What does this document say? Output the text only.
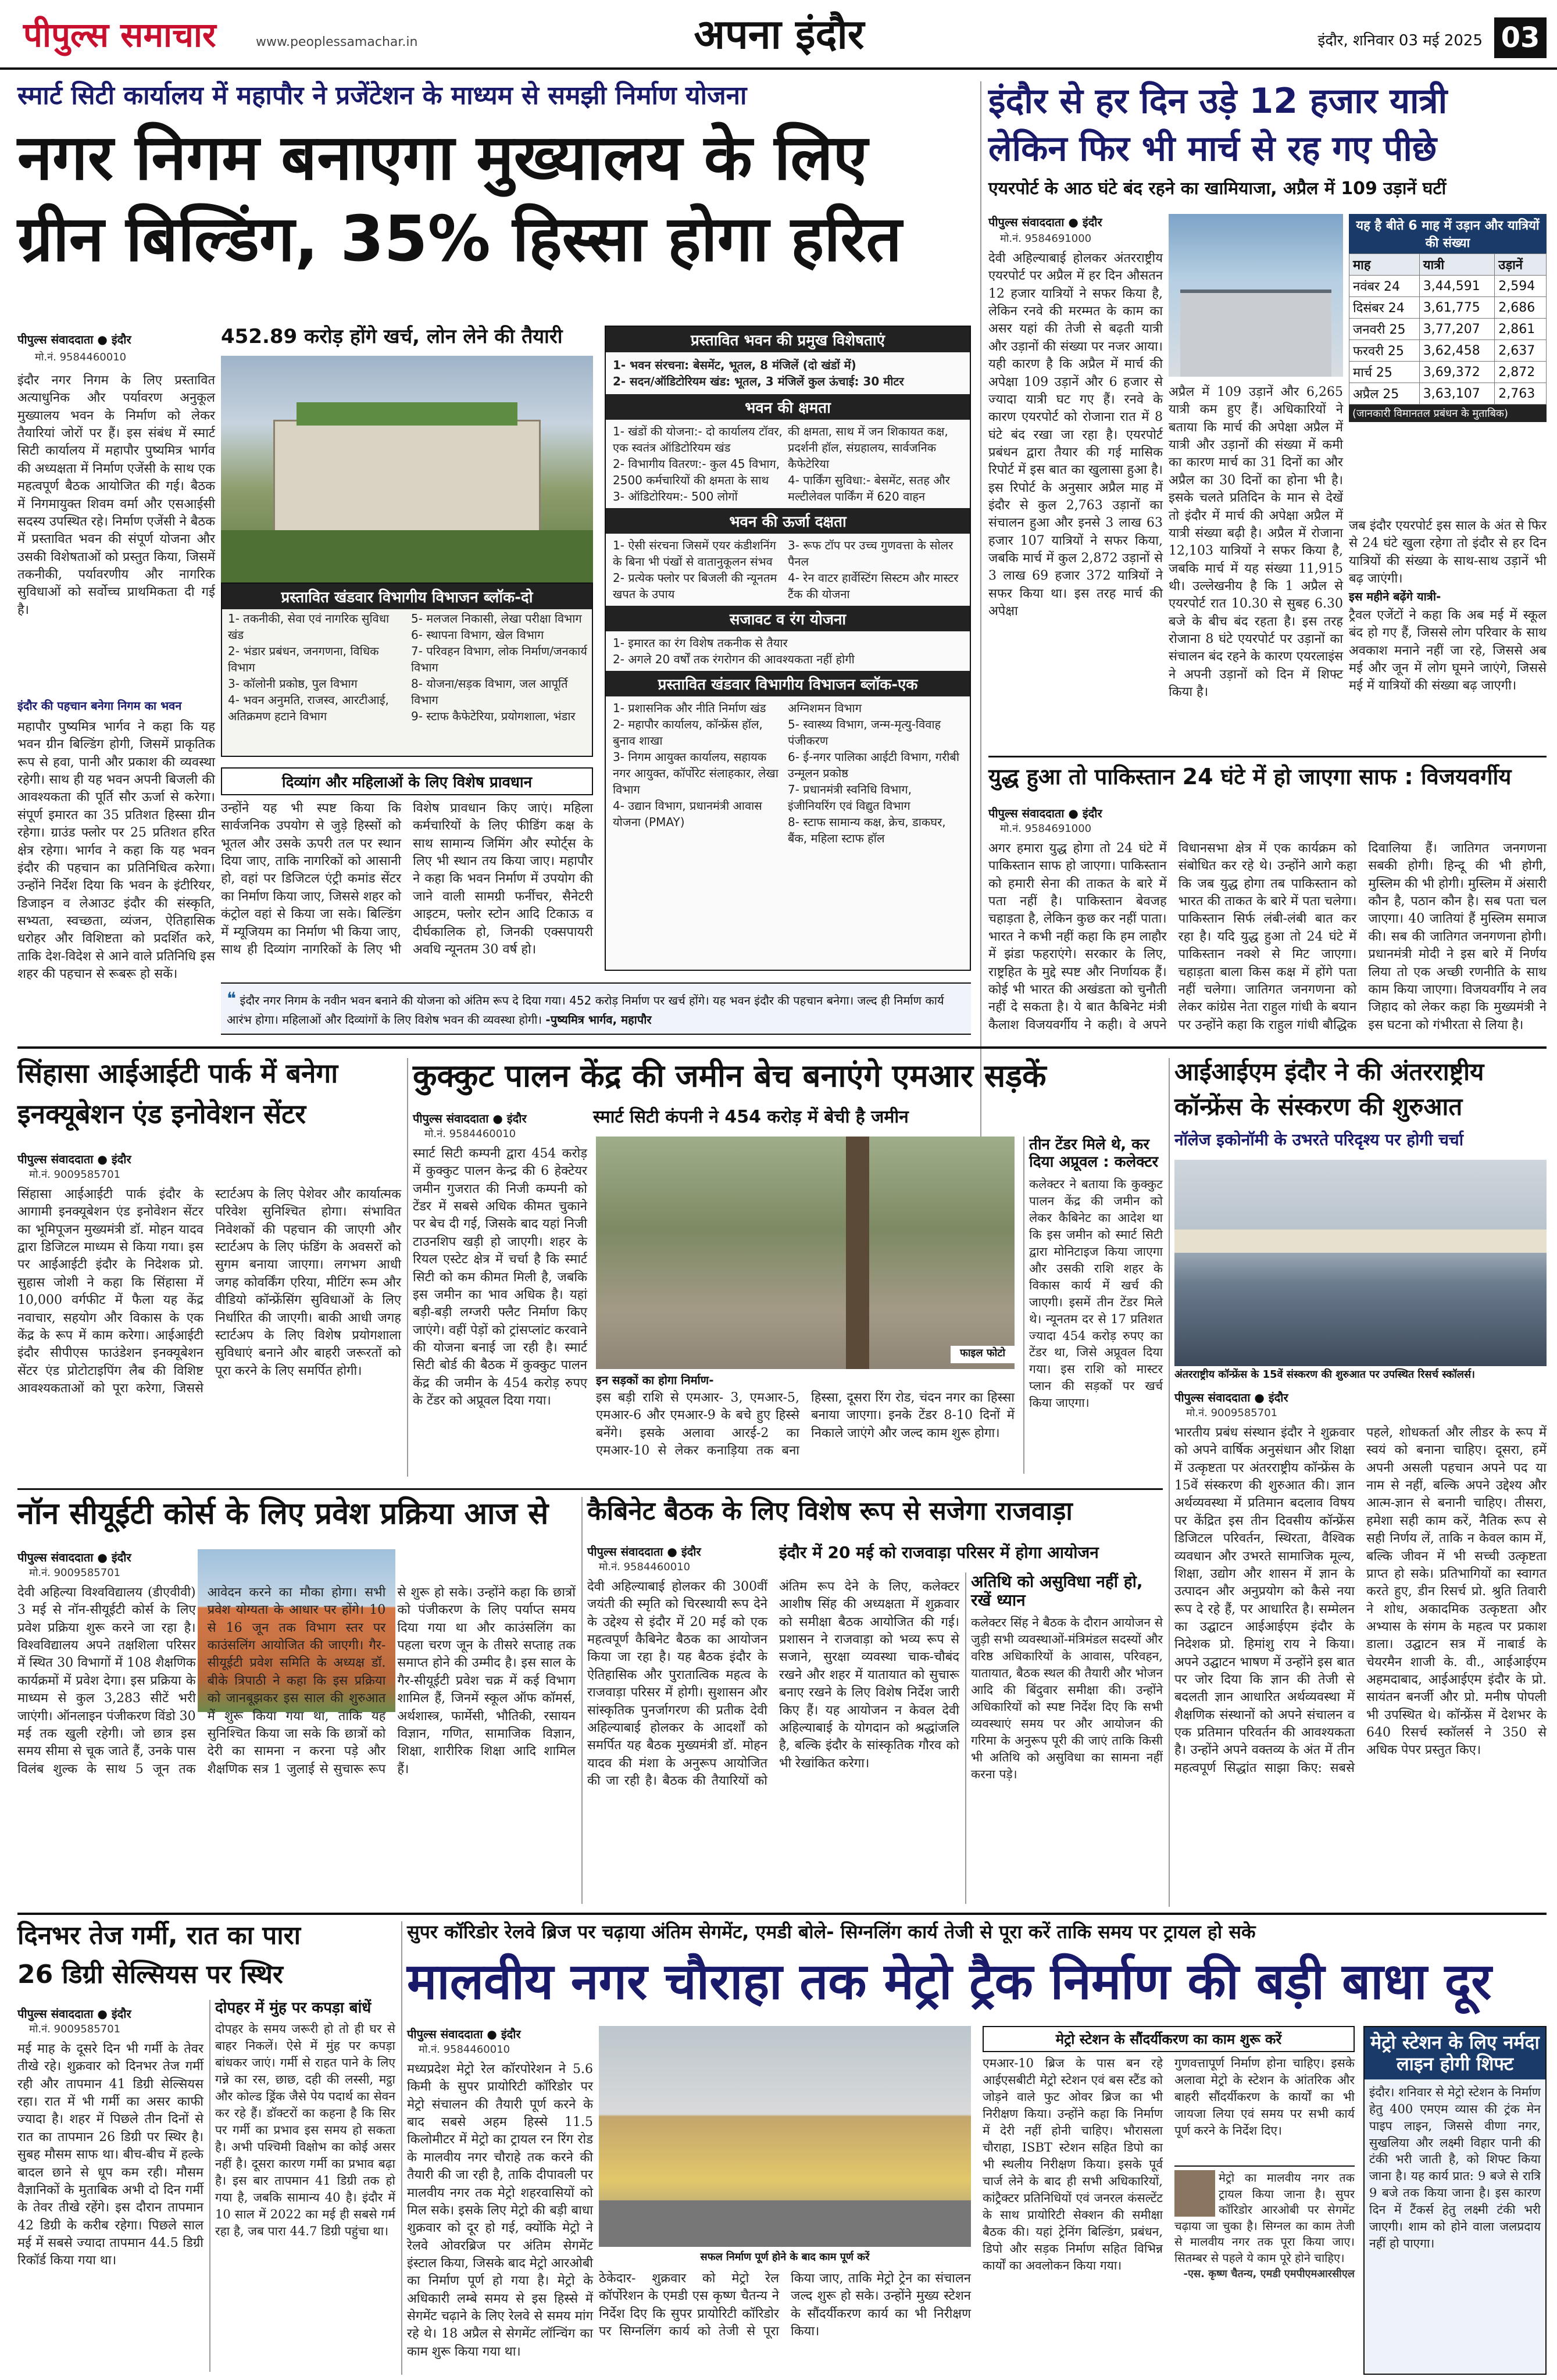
पीपुल्स समाचार	www.peoplessamachar.in	अपना इंदौर	इंदौर, शनिवार 03 मई 2025 03
स्मार्ट सिटी कार्यालय में महापौर ने प्रजेंटेशन के माध्यम से समझी निर्माण योजना
नगर निगम बनाएगा मुख्यालय के लिए
ग्रीन बिल्डिंग, 35% हिस्सा होगा हरित
पीपुल्स संवाददाता ● इंदौर
मो.नं. 9584460010
इंदौर नगर निगम के लिए प्रस्तावित अत्याधुनिक और पर्यावरण अनुकूल मुख्यालय भवन के निर्माण को लेकर तैयारियां जोरों पर हैं। इस संबंध में स्मार्ट सिटी कार्यालय में महापौर पुष्यमित्र भार्गव की अध्यक्षता में निर्माण एजेंसी के साथ एक महत्वपूर्ण बैठक आयोजित की गई। बैठक में निगमायुक्त शिवम वर्मा और एसआईसी सदस्य उपस्थित रहे। निर्माण एजेंसी ने बैठक में प्रस्तावित भवन की संपूर्ण योजना और उसकी विशेषताओं को प्रस्तुत किया, जिसमें तकनीकी, पर्यावरणीय और नागरिक सुविधाओं को सर्वोच्च प्राथमिकता दी गई है।
इंदौर की पहचान बनेगा निगम का भवन
महापौर पुष्यमित्र भार्गव ने कहा कि यह भवन ग्रीन बिल्डिंग होगी, जिसमें प्राकृतिक रूप से हवा, पानी और प्रकाश की व्यवस्था रहेगी। साथ ही यह भवन अपनी बिजली की आवश्यकता की पूर्ति सौर ऊर्जा से करेगा। संपूर्ण इमारत का 35 प्रतिशत हिस्सा ग्रीन रहेगा। ग्राउंड फ्लोर पर 25 प्रतिशत हरित क्षेत्र रहेगा। भार्गव ने कहा कि यह भवन इंदौर की पहचान का प्रतिनिधित्व करेगा। उन्होंने निर्देश दिया कि भवन के इंटीरियर, डिजाइन व लेआउट इंदौर की संस्कृति, सभ्यता, स्वच्छता, व्यंजन, ऐतिहासिक धरोहर और विशिष्टता को प्रदर्शित करे, ताकि देश-विदेश से आने वाले प्रतिनिधि इस शहर की पहचान से रूबरू हो सकें।
452.89 करोड़ होंगे खर्च, लोन लेने की तैयारी
प्रस्तावित खंडवार विभागीय विभाजन ब्लॉक-दो
1- तकनीकी, सेवा एवं नागरिक सुविधा खंड
2- भंडार प्रबंधन, जनगणना, विधिक विभाग
3- कॉलोनी प्रकोष्ठ, पुल विभाग
4- भवन अनुमति, राजस्व, आरटीआई, अतिक्रमण हटाने विभाग
5- मलजल निकासी, लेखा परीक्षा विभाग
6- स्थापना विभाग, खेल विभाग
7- परिवहन विभाग, लोक निर्माण/जनकार्य विभाग
8- योजना/सड़क विभाग, जल आपूर्ति विभाग
9- स्टाफ कैफेटेरिया, प्रयोगशाला, भंडार
दिव्यांग और महिलाओं के लिए विशेष प्रावधान
उन्होंने यह भी स्पष्ट किया कि सार्वजनिक उपयोग से जुड़े हिस्सों को भूतल और उसके ऊपरी तल पर स्थान दिया जाए, ताकि नागरिकों को आसानी हो, वहां पर डिजिटल एंट्री कमांड सेंटर का निर्माण किया जाए, जिससे शहर को कंट्रोल वहां से किया जा सके। बिल्डिंग में म्यूजियम का निर्माण भी किया जाए, साथ ही दिव्यांग नागरिकों के लिए भी विशेष प्रावधान किए जाएं। महिला कर्मचारियों के लिए फीडिंग कक्ष के साथ सामान्य जिमिंग और स्पोर्ट्स के लिए भी स्थान तय किया जाए। महापौर ने कहा कि भवन निर्माण में उपयोग की जाने वाली सामग्री फर्नीचर, सैनेटरी आइटम, फ्लोर स्टोन आदि टिकाऊ व दीर्घकालिक हो, जिनकी एक्सपायरी अवधि न्यूनतम 30 वर्ष हो।
प्रस्तावित भवन की प्रमुख विशेषताएं
1- भवन संरचना: बेसमेंट, भूतल, 8 मंजिलें (दो खंडों में)
2- सदन/ऑडिटोरियम खंड: भूतल, 3 मंजिलें कुल ऊंचाई: 30 मीटर
भवन की क्षमता
1- खंडों की योजना:- दो कार्यालय टॉवर, एक स्वतंत्र ऑडिटोरियम खंड
2- विभागीय वितरण:- कुल 45 विभाग, 2500 कर्मचारियों की क्षमता के साथ
3- ऑडिटोरियम:- 500 लोगों
की क्षमता, साथ में जन शिकायत कक्ष, प्रदर्शनी हॉल, संग्रहालय, सार्वजनिक कैफेटेरिया
4- पार्किंग सुविधा:- बेसमेंट, सतह और मल्टीलेवल पार्किंग में 620 वाहन
भवन की ऊर्जा दक्षता
1- ऐसी संरचना जिसमें एयर कंडीशनिंग के बिना भी पंखों से वातानुकूलन संभव
2- प्रत्येक फ्लोर पर बिजली की न्यूनतम खपत के उपाय
3- रूफ टॉप पर उच्च गुणवत्ता के सोलर पैनल
4- रेन वाटर हार्वेस्टिंग सिस्टम और मास्टर टैंक की योजना
सजावट व रंग योजना
1- इमारत का रंग विशेष तकनीक से तैयार
2- अगले 20 वर्षों तक रंगरोगन की आवश्यकता नहीं होगी
प्रस्तावित खंडवार विभागीय विभाजन ब्लॉक-एक
1- प्रशासनिक और नीति निर्माण खंड
2- महापौर कार्यालय, कॉन्फ्रेंस हॉल, बुनाव शाखा
3- निगम आयुक्त कार्यालय, सहायक नगर आयुक्त, कॉर्पोरेट संलाहकार, लेखा विभाग
4- उद्यान विभाग, प्रधानमंत्री आवास योजना (PMAY)
अग्निशमन विभाग
5- स्वास्थ्य विभाग, जन्म-मृत्यु-विवाह पंजीकरण
6- ई-नगर पालिका आईटी विभाग, गरीबी उन्मूलन प्रकोष्ठ
7- प्रधानमंत्री स्वनिधि विभाग, इंजीनियरिंग एवं विद्युत विभाग
8- स्टाफ सामान्य कक्ष, क्रेच, डाकघर, बैंक, महिला स्टाफ हॉल
❝ इंदौर नगर निगम के नवीन भवन बनाने की योजना को अंतिम रूप दे दिया गया। 452 करोड़ निर्माण पर खर्च होंगे। यह भवन इंदौर की पहचान बनेगा। जल्द ही निर्माण कार्य आरंभ होगा। महिलाओं और दिव्यांगों के लिए विशेष भवन की व्यवस्था होगी। -पुष्यमित्र भार्गव, महापौर
इंदौर से हर दिन उड़े 12 हजार यात्री
लेकिन फिर भी मार्च से रह गए पीछे
एयरपोर्ट के आठ घंटे बंद रहने का खामियाजा, अप्रैल में 109 उड़ानें घटीं
पीपुल्स संवाददाता ● इंदौर
मो.नं. 9584691000
देवी अहिल्याबाई होलकर अंतरराष्ट्रीय एयरपोर्ट पर अप्रैल में हर दिन औसतन 12 हजार यात्रियों ने सफर किया है, लेकिन रनवे की मरम्मत के काम का असर यहां की तेजी से बढ़ती यात्री और उड़ानों की संख्या पर नजर आया। यही कारण है कि अप्रैल में मार्च की अपेक्षा 109 उड़ानें और 6 हजार से ज्यादा यात्री घट गए हैं। रनवे के कारण एयरपोर्ट को रोजाना रात में 8 घंटे बंद रखा जा रहा है। एयरपोर्ट प्रबंधन द्वारा तैयार की गई मासिक रिपोर्ट में इस बात का खुलासा हुआ है। इस रिपोर्ट के अनुसार अप्रैल माह में इंदौर से कुल 2,763 उड़ानों का संचालन हुआ और इनसे 3 लाख 63 हजार 107 यात्रियों ने सफर किया, जबकि मार्च में कुल 2,872 उड़ानों से 3 लाख 69 हजार 372 यात्रियों ने सफर किया था। इस तरह मार्च की अपेक्षा
अप्रैल में 109 उड़ानें और 6,265 यात्री कम हुए हैं। अधिकारियों ने बताया कि मार्च की अपेक्षा अप्रैल में यात्री और उड़ानों की संख्या में कमी का कारण मार्च का 31 दिनों का और अप्रैल का 30 दिनों का होना भी है। इसके चलते प्रतिदिन के मान से देखें तो इंदौर में मार्च की अपेक्षा अप्रैल में यात्री संख्या बढ़ी है। अप्रैल में रोजाना 12,103 यात्रियों ने सफर किया है, जबकि मार्च में यह संख्या 11,915 थी। उल्लेखनीय है कि 1 अप्रैल से एयरपोर्ट रात 10.30 से सुबह 6.30 बजे के बीच बंद रहता है। इस तरह रोजाना 8 घंटे एयरपोर्ट पर उड़ानों का संचालन बंद रहने के कारण एयरलाइंस ने अपनी उड़ानों को दिन में शिफ्ट किया है।
यह है बीते 6 माह में उड़ान और यात्रियों की संख्या
माह	यात्री	उड़ानें
नवंबर 24	3,44,591	2,594
दिसंबर 24	3,61,775	2,686
जनवरी 25	3,77,207	2,861
फरवरी 25	3,62,458	2,637
मार्च 25	3,69,372	2,872
अप्रैल 25	3,63,107	2,763
(जानकारी विमानतल प्रबंधन के मुताबिक)
जब इंदौर एयरपोर्ट इस साल के अंत से फिर से 24 घंटे खुला रहेगा तो इंदौर से हर दिन यात्रियों की संख्या के साथ-साथ उड़ानें भी बढ़ जाएंगी।
इस महीने बढ़ेंगे यात्री-
ट्रैवल एजेंटों ने कहा कि अब मई में स्कूल बंद हो गए हैं, जिससे लोग परिवार के साथ अवकाश मनाने नहीं जा रहे, जिससे अब मई और जून में लोग घूमने जाएंगे, जिससे मई में यात्रियों की संख्या बढ़ जाएगी।
युद्ध हुआ तो पाकिस्तान 24 घंटे में हो जाएगा साफ : विजयवर्गीय
पीपुल्स संवाददाता ● इंदौर
मो.नं. 9584691000
अगर हमारा युद्ध होगा तो 24 घंटे में पाकिस्तान साफ हो जाएगा। पाकिस्तान को हमारी सेना की ताकत के बारे में पता नहीं है। पाकिस्तान बेवजह चहाड़ता है, लेकिन कुछ कर नहीं पाता। भारत ने कभी नहीं कहा कि हम लाहौर में झंडा फहराएंगे। सरकार के लिए, राष्ट्रहित के मुद्दे स्पष्ट और निर्णायक हैं। कोई भी भारत की अखंडता को चुनौती नहीं दे सकता है। ये बात कैबिनेट मंत्री कैलाश विजयवर्गीय ने कही। वे अपने विधानसभा क्षेत्र में एक कार्यक्रम को संबोधित कर रहे थे। उन्होंने आगे कहा कि जब युद्ध होगा तब पाकिस्तान को भारत की ताकत के बारे में पता चलेगा। पाकिस्तान सिर्फ लंबी-लंबी बात कर रहा है। यदि युद्ध हुआ तो 24 घंटे में पाकिस्तान नक्शे से मिट जाएगा। चहाड़ता बाला किस कक्ष में होंगे पता नहीं चलेगा। जातिगत जनगणना को लेकर कांग्रेस नेता राहुल गांधी के बयान पर उन्होंने कहा कि राहुल गांधी बौद्धिक दिवालिया हैं। जातिगत जनगणना सबकी होगी। हिन्दू की भी होगी, मुस्लिम की भी होगी। मुस्लिम में अंसारी कौन है, पठान कौन है। सब पता चल जाएगा। 40 जातियां हैं मुस्लिम समाज की। सब की जातिगत जनगणना होगी। प्रधानमंत्री मोदी ने इस बारे में निर्णय लिया तो एक अच्छी रणनीति के साथ काम किया जाएगा। विजयवर्गीय ने लव जिहाद को लेकर कहा कि मुख्यमंत्री ने इस घटना को गंभीरता से लिया है।
सिंहासा आईआईटी पार्क में बनेगा
इनक्यूबेशन एंड इनोवेशन सेंटर
पीपुल्स संवाददाता ● इंदौर
मो.नं. 9009585701
सिंहासा आईआईटी पार्क इंदौर के आगामी इनक्यूबेशन एंड इनोवेशन सेंटर का भूमिपूजन मुख्यमंत्री डॉ. मोहन यादव द्वारा डिजिटल माध्यम से किया गया। इस पर आईआईटी इंदौर के निदेशक प्रो. सुहास जोशी ने कहा कि सिंहासा में 10,000 वर्गफीट में फैला यह केंद्र नवाचार, सहयोग और विकास के एक केंद्र के रूप में काम करेगा। आईआईटी इंदौर सीपीएस फाउंडेशन इनक्यूबेशन सेंटर एंड प्रोटोटाइपिंग लैब की विशिष्ट आवश्यकताओं को पूरा करेगा, जिससे स्टार्टअप के लिए पेशेवर और कार्यात्मक परिवेश सुनिश्चित होगा। संभावित निवेशकों की पहचान की जाएगी और स्टार्टअप के लिए फंडिंग के अवसरों को सुगम बनाया जाएगा। लगभग आधी जगह कोवर्किंग एरिया, मीटिंग रूम और वीडियो कॉन्फ्रेंसिंग सुविधाओं के लिए निर्धारित की जाएगी। बाकी आधी जगह स्टार्टअप के लिए विशेष प्रयोगशाला सुविधाएं बनाने और बाहरी जरूरतों को पूरा करने के लिए समर्पित होगी।
कुक्कुट पालन केंद्र की जमीन बेच बनाएंगे एमआर सड़कें
पीपुल्स संवाददाता ● इंदौर
मो.नं. 9584460010
स्मार्ट सिटी कंपनी ने 454 करोड़ में बेची है जमीन
स्मार्ट सिटी कम्पनी द्वारा 454 करोड़ में कुक्कुट पालन केन्द्र की 6 हेक्टेयर जमीन गुजरात की निजी कम्पनी को टेंडर में सबसे अधिक कीमत चुकाने पर बेच दी गई, जिसके बाद यहां निजी टाउनशिप खड़ी हो जाएगी। शहर के रियल एस्टेट क्षेत्र में चर्चा है कि स्मार्ट सिटी को कम कीमत मिली है, जबकि इस जमीन का भाव अधिक है। यहां बड़ी-बड़ी लग्जरी फ्लैट निर्माण किए जाएंगे। वहीं पेड़ों को ट्रांसप्लांट करवाने की योजना बनाई जा रही है। स्मार्ट सिटी बोर्ड की बैठक में कुक्कुट पालन केंद्र की जमीन के 454 करोड़ रुपए के टेंडर को अप्रूवल दिया गया।
फाइल फोटो
इन सड़कों का होगा निर्माण-
इस बड़ी राशि से एमआर- 3, एमआर-5, एमआर-6 और एमआर-9 के बचे हुए हिस्से बनेंगे। इसके अलावा आरई-2 का एमआर-10 से लेकर कनाड़िया तक बना हिस्सा, दूसरा रिंग रोड, चंदन नगर का हिस्सा बनाया जाएगा। इनके टेंडर 8-10 दिनों में निकाले जाएंगे और जल्द काम शुरू होगा।
तीन टेंडर मिले थे, कर दिया अप्रूवल : कलेक्टर
कलेक्टर ने बताया कि कुक्कुट पालन केंद्र की जमीन को लेकर कैबिनेट का आदेश था कि इस जमीन को स्मार्ट सिटी द्वारा मोनिटाइज किया जाएगा और उसकी राशि शहर के विकास कार्य में खर्च की जाएगी। इसमें तीन टेंडर मिले थे। न्यूनतम दर से 17 प्रतिशत ज्यादा 454 करोड़ रुपए का टेंडर था, जिसे अप्रूवल दिया गया। इस राशि को मास्टर प्लान की सड़कों पर खर्च किया जाएगा।
आईआईएम इंदौर ने की अंतरराष्ट्रीय
कॉन्फ्रेंस के संस्करण की शुरुआत
नॉलेज इकोनॉमी के उभरते परिदृश्य पर होगी चर्चा
अंतरराष्ट्रीय कॉन्फ्रेंस के 15वें संस्करण की शुरुआत पर उपस्थित रिसर्च स्कॉलर्स।
पीपुल्स संवाददाता ● इंदौर
मो.नं. 9009585701
भारतीय प्रबंध संस्थान इंदौर ने शुक्रवार को अपने वार्षिक अनुसंधान और शिक्षा में उत्कृष्टता पर अंतरराष्ट्रीय कॉन्फ्रेंस के 15वें संस्करण की शुरुआत की। ज्ञान अर्थव्यवस्था में प्रतिमान बदलाव विषय पर केंद्रित इस तीन दिवसीय कॉन्फ्रेंस डिजिटल परिवर्तन, स्थिरता, वैश्विक व्यवधान और उभरते सामाजिक मूल्य, शिक्षा, उद्योग और शासन में ज्ञान के उत्पादन और अनुप्रयोग को कैसे नया रूप दे रहे हैं, पर आधारित है। सम्मेलन का उद्घाटन आईआईएम इंदौर के निदेशक प्रो. हिमांशु राय ने किया। अपने उद्घाटन भाषण में उन्होंने इस बात पर जोर दिया कि ज्ञान की तेजी से बदलती ज्ञान आधारित अर्थव्यवस्था में शैक्षणिक संस्थानों को अपने संचालन व एक प्रतिमान परिवर्तन की आवश्यकता है। उन्होंने अपने वक्तव्य के अंत में तीन महत्वपूर्ण सिद्धांत साझा किए: सबसे पहले, शोधकर्ता और लीडर के रूप में स्वयं को बनाना चाहिए। दूसरा, हमें अपनी असली पहचान अपने पद या नाम से नहीं, बल्कि अपने उद्देश्य और आत्म-ज्ञान से बनानी चाहिए। तीसरा, हमेशा सही काम करें, नैतिक रूप से सही निर्णय लें, ताकि न केवल काम में, बल्कि जीवन में भी सच्ची उत्कृष्टता प्राप्त हो सके। प्रतिभागियों का स्वागत करते हुए, डीन रिसर्च प्रो. श्रुति तिवारी ने शोध, अकादमिक उत्कृष्टता और अभ्यास के संगम के महत्व पर प्रकाश डाला। उद्घाटन सत्र में नाबार्ड के चेयरमैन शाजी के. वी., आईआईएम अहमदाबाद, आईआईएम इंदौर के प्रो. सायंतन बनर्जी और प्रो. मनीष पोपली भी उपस्थित थे। कॉन्फ्रेंस में देशभर के 640 रिसर्च स्कॉलर्स ने 350 से अधिक पेपर प्रस्तुत किए।
नॉन सीयूईटी कोर्स के लिए प्रवेश प्रक्रिया आज से
पीपुल्स संवाददाता ● इंदौर
मो.नं. 9009585701
देवी अहिल्या विश्वविद्यालय (डीएवीवी) 3 मई से नॉन-सीयूईटी कोर्स के लिए प्रवेश प्रक्रिया शुरू करने जा रहा है। विश्वविद्यालय अपने तक्षशिला परिसर में स्थित 30 विभागों में 108 शैक्षणिक कार्यक्रमों में प्रवेश देगा। इस प्रक्रिया के माध्यम से कुल 3,283 सीटें भरी जाएंगी। ऑनलाइन पंजीकरण विंडो 30 मई तक खुली रहेगी। जो छात्र इस समय सीमा से चूक जाते हैं, उनके पास विलंब शुल्क के साथ 5 जून तक आवेदन करने का मौका होगा। सभी प्रवेश योग्यता के आधार पर होंगे। 10 से 16 जून तक विभाग स्तर पर काउंसलिंग आयोजित की जाएगी। गैर-सीयूईटी प्रवेश समिति के अध्यक्ष डॉ. बीके त्रिपाठी ने कहा कि इस प्रक्रिया को जानबूझकर इस साल की शुरुआत में शुरू किया गया था, ताकि यह सुनिश्चित किया जा सके कि छात्रों को देरी का सामना न करना पड़े और शैक्षणिक सत्र 1 जुलाई से सुचारू रूप से शुरू हो सके। उन्होंने कहा कि छात्रों को पंजीकरण के लिए पर्याप्त समय दिया गया था और काउंसलिंग का पहला चरण जून के तीसरे सप्ताह तक समाप्त होने की उम्मीद है। इस साल के गैर-सीयूईटी प्रवेश चक्र में कई विभाग शामिल हैं, जिनमें स्कूल ऑफ कॉमर्स, अर्थशास्त्र, फार्मेसी, भौतिकी, रसायन विज्ञान, गणित, सामाजिक विज्ञान, शिक्षा, शारीरिक शिक्षा आदि शामिल हैं।
कैबिनेट बैठक के लिए विशेष रूप से सजेगा राजवाड़ा
पीपुल्स संवाददाता ● इंदौर
मो.नं. 9584460010
इंदौर में 20 मई को राजवाड़ा परिसर में होगा आयोजन
देवी अहिल्याबाई होलकर की 300वीं जयंती की स्मृति को चिरस्थायी रूप देने के उद्देश्य से इंदौर में 20 मई को एक महत्वपूर्ण कैबिनेट बैठक का आयोजन किया जा रहा है। यह बैठक इंदौर के ऐतिहासिक और पुरातात्विक महत्व के राजवाड़ा परिसर में होगी। सुशासन और सांस्कृतिक पुनर्जागरण की प्रतीक देवी अहिल्याबाई होलकर के आदर्शों को समर्पित यह बैठक मुख्यमंत्री डॉ. मोहन यादव की मंशा के अनुरूप आयोजित की जा रही है। बैठक की तैयारियों को अंतिम रूप देने के लिए, कलेक्टर आशीष सिंह की अध्यक्षता में शुक्रवार को समीक्षा बैठक आयोजित की गई। प्रशासन ने राजवाड़ा को भव्य रूप से सजाने, सुरक्षा व्यवस्था चाक-चौबंद रखने और शहर में यातायात को सुचारू बनाए रखने के लिए विशेष निर्देश जारी किए हैं। यह आयोजन न केवल देवी अहिल्याबाई के योगदान को श्रद्धांजलि है, बल्कि इंदौर के सांस्कृतिक गौरव को भी रेखांकित करेगा।
अतिथि को असुविधा नहीं हो, रखें ध्यान
कलेक्टर सिंह ने बैठक के दौरान आयोजन से जुड़ी सभी व्यवस्थाओं-मंत्रिमंडल सदस्यों और वरिष्ठ अधिकारियों के आवास, परिवहन, यातायात, बैठक स्थल की तैयारी और भोजन आदि की बिंदुवार समीक्षा की। उन्होंने अधिकारियों को स्पष्ट निर्देश दिए कि सभी व्यवस्थाएं समय पर और आयोजन की गरिमा के अनुरूप पूरी की जाएं ताकि किसी भी अतिथि को असुविधा का सामना नहीं करना पड़े।
दिनभर तेज गर्मी, रात का पारा
26 डिग्री सेल्सियस पर स्थिर
पीपुल्स संवाददाता ● इंदौर
मो.नं. 9009585701
मई माह के दूसरे दिन भी गर्मी के तेवर तीखे रहे। शुक्रवार को दिनभर तेज गर्मी रही और तापमान 41 डिग्री सेल्सियस रहा। रात में भी गर्मी का असर काफी ज्यादा है। शहर में पिछले तीन दिनों से रात का तापमान 26 डिग्री पर स्थिर है। सुबह मौसम साफ था। बीच-बीच में हल्के बादल छाने से धूप कम रही। मौसम वैज्ञानिकों के मुताबिक अभी दो दिन गर्मी के तेवर तीखे रहेंगे। इस दौरान तापमान 42 डिग्री के करीब रहेगा। पिछले साल मई में सबसे ज्यादा तापमान 44.5 डिग्री रिकॉर्ड किया गया था।
दोपहर में मुंह पर कपड़ा बांधें
दोपहर के समय जरूरी हो तो ही घर से बाहर निकलें। ऐसे में मुंह पर कपड़ा बांधकर जाएं। गर्मी से राहत पाने के लिए गन्ने का रस, छाछ, दही की लस्सी, मट्ठा और कोल्ड ड्रिंक जैसे पेय पदार्थ का सेवन कर रहे हैं। डॉक्टरों का कहना है कि सिर पर गर्मी का प्रभाव इस समय हो सकता है। अभी पश्चिमी विक्षोभ का कोई असर नहीं है। दूसरा कारण गर्मी का प्रभाव बढ़ा है। इस बार तापमान 41 डिग्री तक हो गया है, जबकि सामान्य 40 है। इंदौर में 10 साल में 2022 का मई ही सबसे गर्म रहा है, जब पारा 44.7 डिग्री पहुंचा था।
सुपर कॉरिडोर रेलवे ब्रिज पर चढ़ाया अंतिम सेगमेंट, एमडी बोले- सिग्नलिंग कार्य तेजी से पूरा करें ताकि समय पर ट्रायल हो सके
मालवीय नगर चौराहा तक मेट्रो ट्रैक निर्माण की बड़ी बाधा दूर
पीपुल्स संवाददाता ● इंदौर
मो.नं. 9584460010
मध्यप्रदेश मेट्रो रेल कॉरपोरेशन ने 5.6 किमी के सुपर प्रायोरिटी कॉरिडोर पर मेट्रो संचालन की तैयारी पूर्ण करने के बाद सबसे अहम हिस्से 11.5 किलोमीटर में मेट्रो का ट्रायल रन रिंग रोड के मालवीय नगर चौराहे तक करने की तैयारी की जा रही है, ताकि दीपावली पर मालवीय नगर तक मेट्रो शहरवासियों को मिल सके। इसके लिए मेट्रो की बड़ी बाधा शुक्रवार को दूर हो गई, क्योंकि मेट्रो ने रेलवे ओवरब्रिज पर अंतिम सेगमेंट इंस्टाल किया, जिसके बाद मेट्रो आरओबी का निर्माण पूर्ण हो गया है। मेट्रो के अधिकारी लम्बे समय से इस हिस्से में सेगमेंट चढ़ाने के लिए रेलवे से समय मांग रहे थे। 18 अप्रैल से सेगमेंट लॉन्चिंग का काम शुरू किया गया था।
सफल निर्माण पूर्ण होने के बाद काम पूर्ण करें
ठेकेदार- शुक्रवार को मेट्रो रेल कॉर्पोरेशन के एमडी एस कृष्ण चैतन्य ने निर्देश दिए कि सुपर प्रायोरिटी कॉरिडोर पर सिग्नलिंग कार्य को तेजी से पूरा किया जाए, ताकि मेट्रो ट्रेन का संचालन जल्द शुरू हो सके। उन्होंने मुख्य स्टेशन के सौंदर्यीकरण कार्य का भी निरीक्षण किया।
मेट्रो स्टेशन के सौंदर्यीकरण का काम शुरू करें
एमआर-10 ब्रिज के पास बन रहे आईएसबीटी मेट्रो स्टेशन एवं बस स्टैंड को जोड़ने वाले फुट ओवर ब्रिज का भी निरीक्षण किया। उन्होंने कहा कि निर्माण में देरी नहीं होनी चाहिए। भौरासला चौराहा, ISBT स्टेशन सहित डिपो का भी स्थलीय निरीक्षण किया। इसके पूर्व चार्ज लेने के बाद ही सभी अधिकारियों, कांट्रैक्टर प्रतिनिधियों एवं जनरल कंसल्टेंट के साथ प्रायोरिटी सेक्शन की समीक्षा बैठक की। यहां ट्रेनिंग बिल्डिंग, प्रबंधन, डिपो और सड़क निर्माण सहित विभिन्न कार्यों का अवलोकन किया गया।
गुणवत्तापूर्ण निर्माण होना चाहिए। इसके अलावा मेट्रो के स्टेशन के आंतरिक और बाहरी सौंदर्यीकरण के कार्यों का भी जायजा लिया एवं समय पर सभी कार्य पूर्ण करने के निर्देश दिए।
मेट्रो का मालवीय नगर तक ट्रायल किया जाना है। सुपर कॉरिडोर आरओबी पर सेगमेंट चढ़ाया जा चुका है। सिग्नल का काम तेजी से मालवीय नगर तक पूरा किया जाए। सितम्बर से पहले ये काम पूरे होने चाहिए।
-एस. कृष्ण चैतन्य, एमडी एमपीएमआरसीएल
मेट्रो स्टेशन के लिए नर्मदा लाइन होगी शिफ्ट
इंदौर। शनिवार से मेट्रो स्टेशन के निर्माण हेतु 400 एमएम व्यास की ट्रंक मेन पाइप लाइन, जिससे वीणा नगर, सुखलिया और लक्ष्मी विहार पानी की टंकी भरी जाती है, को शिफ्ट किया जाना है। यह कार्य प्रात: 9 बजे से रात्रि 9 बजे तक किया जाना है। इस कारण दिन में टैंकर्स हेतु लक्ष्मी टंकी भरी जाएगी। शाम को होने वाला जलप्रदाय नहीं हो पाएगा।
